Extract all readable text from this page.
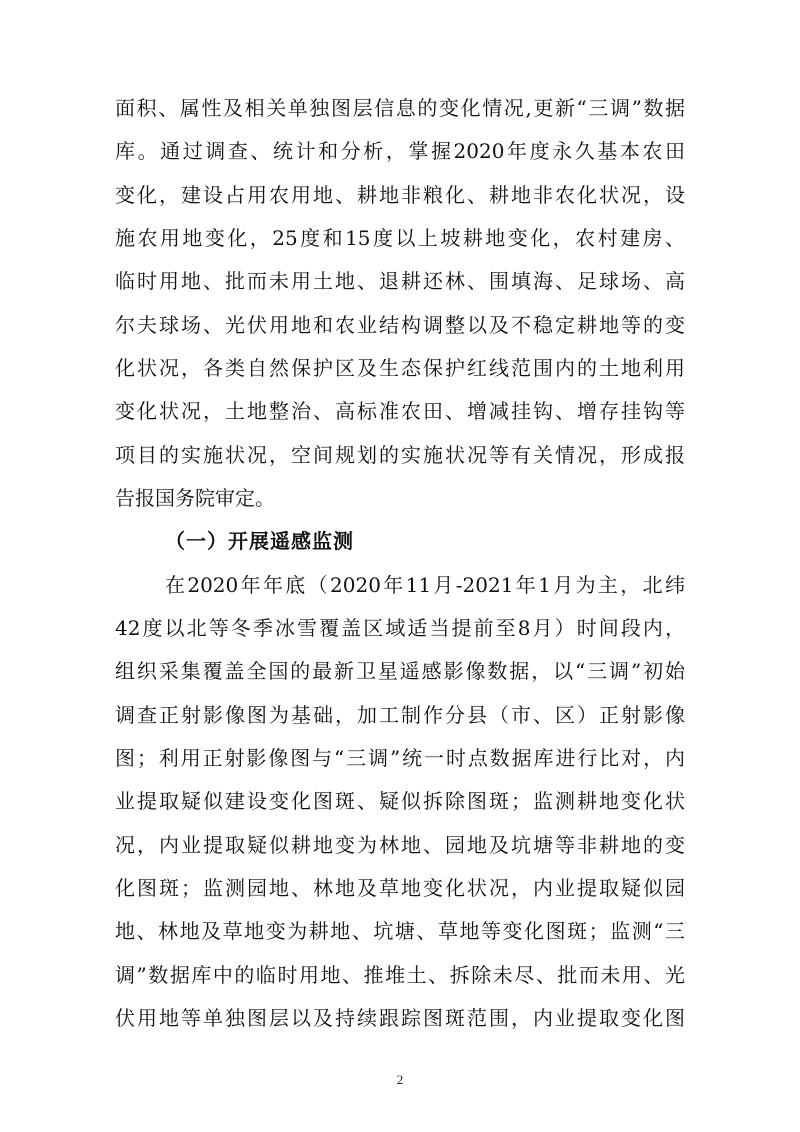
面积、属性及相关单独图层信息的变化情况,更新“三调”数据
库。通过调查、统计和分析，掌握2020年度永久基本农田
变化，建设占用农用地、耕地非粮化、耕地非农化状况，设
施农用地变化，25度和15度以上坡耕地变化，农村建房、
临时用地、批而未用土地、退耕还林、围填海、足球场、高
尔夫球场、光伏用地和农业结构调整以及不稳定耕地等的变
化状况，各类自然保护区及生态保护红线范围内的土地利用
变化状况，土地整治、高标准农田、增减挂钩、增存挂钩等
项目的实施状况，空间规划的实施状况等有关情况，形成报
告报国务院审定。
（一）开展遥感监测
在2020年年底（2020年11月-2021年1月为主，北纬
42度以北等冬季冰雪覆盖区域适当提前至8月）时间段内，
组织采集覆盖全国的最新卫星遥感影像数据，以“三调”初始
调查正射影像图为基础，加工制作分县（市、区）正射影像
图；利用正射影像图与“三调”统一时点数据库进行比对，内
业提取疑似建设变化图斑、疑似拆除图斑；监测耕地变化状
况，内业提取疑似耕地变为林地、园地及坑塘等非耕地的变
化图斑；监测园地、林地及草地变化状况，内业提取疑似园
地、林地及草地变为耕地、坑塘、草地等变化图斑；监测“三
2
调”数据库中的临时用地、推堆土、拆除未尽、批而未用、光
伏用地等单独图层以及持续跟踪图斑范围，内业提取变化图
